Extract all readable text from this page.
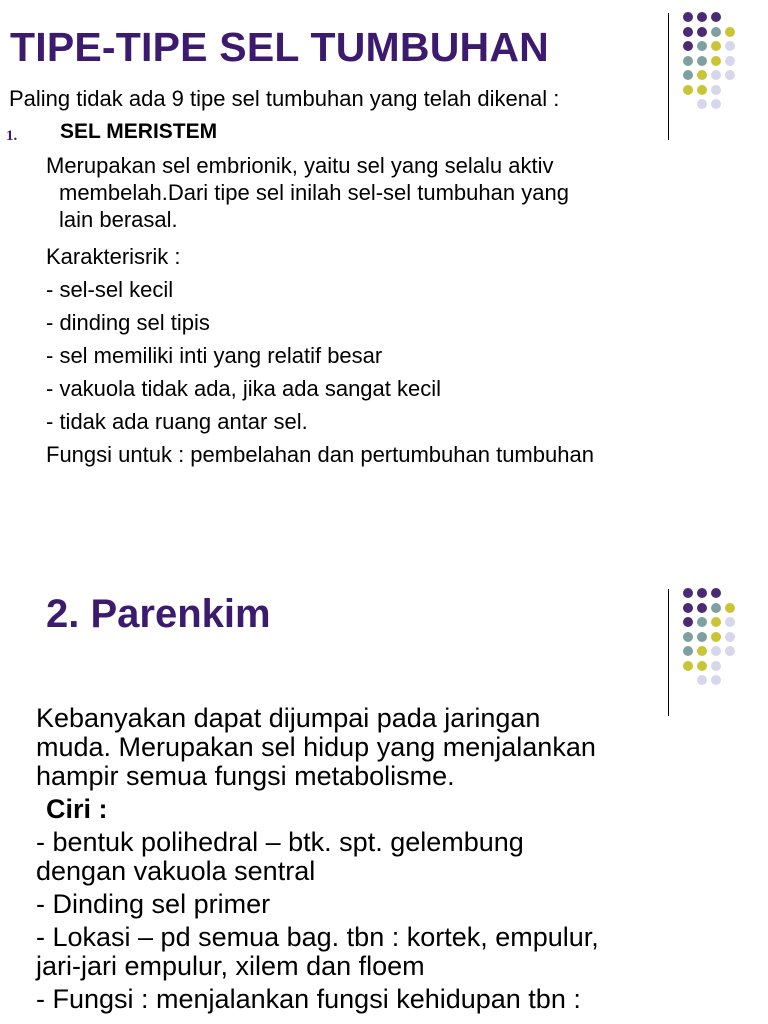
TIPE-TIPE SEL TUMBUHAN
Paling tidak ada 9 tipe sel tumbuhan yang telah dikenal :
1. SEL MERISTEM

Merupakan sel embrionik, yaitu sel yang selalu aktiv
membelah.Dari tipe sel inilah sel-sel tumbuhan yang
lain berasal.

Karakterisrik :
- sel-sel kecil
- dinding sel tipis
- sel memiliki inti yang relatif besar
- vakuola tidak ada, jika ada sangat kecil
- tidak ada ruang antar sel.
Fungsi untuk : pembelahan dan pertumbuhan tumbuhan
2. Parenkim

Kebanyakan dapat dijumpai pada jaringan
muda. Merupakan sel hidup yang menjalankan
hampir semua fungsi metabolisme.
Ciri :
- bentuk polihedral – btk. spt. gelembung
dengan vakuola sentral
- Dinding sel primer
- Lokasi – pd semua bag. tbn : kortek, empulur,
jari-jari empulur, xilem dan floem
- Fungsi : menjalankan fungsi kehidupan tbn :
